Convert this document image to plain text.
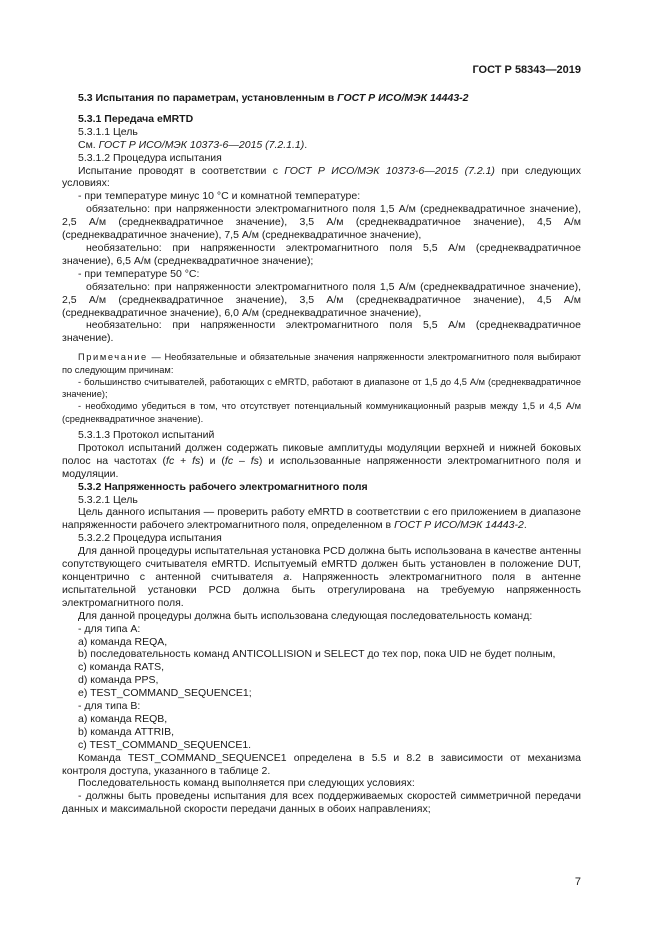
ГОСТ Р 58343—2019

5.3 Испытания по параметрам, установленным в ГОСТ Р ИСО/МЭК 14443-2

5.3.1 Передача eMRTD

5.3.1.1 Цель

См. ГОСТ Р ИСО/МЭК 10373-6—2015 (7.2.1.1).

5.3.1.2 Процедура испытания

Испытание проводят в соответствии с ГОСТ Р ИСО/МЭК 10373-6—2015 (7.2.1) при следующих условиях:

- при температуре минус 10 °С и комнатной температуре:

обязательно: при напряженности электромагнитного поля 1,5 А/м (среднеквадратичное значение), 2,5 А/м (среднеквадратичное значение), 3,5 А/м (среднеквадратичное значение), 4,5 А/м (среднеквадратичное значение), 7,5 А/м (среднеквадратичное значение),

необязательно: при напряженности электромагнитного поля 5,5 А/м (среднеквадратичное значение), 6,5 А/м (среднеквадратичное значение);

- при температуре 50 °С:

обязательно: при напряженности электромагнитного поля 1,5 А/м (среднеквадратичное значение), 2,5 А/м (среднеквадратичное значение), 3,5 А/м (среднеквадратичное значение), 4,5 А/м (среднеквадратичное значение), 6,0 А/м (среднеквадратичное значение),

необязательно: при напряженности электромагнитного поля 5,5 А/м (среднеквадратичное значение).

Примечание — Необязательные и обязательные значения напряженности электромагнитного поля выбирают по следующим причинам:

- большинство считывателей, работающих с eMRTD, работают в диапазоне от 1,5 до 4,5 А/м (среднеквадратичное значение);

- необходимо убедиться в том, что отсутствует потенциальный коммуникационный разрыв между 1,5 и 4,5 А/м (среднеквадратичное значение).

5.3.1.3 Протокол испытаний

Протокол испытаний должен содержать пиковые амплитуды модуляции верхней и нижней боковых полос на частотах (fc + fs) и (fc – fs) и использованные напряженности электромагнитного поля и модуляции.

5.3.2 Напряженность рабочего электромагнитного поля

5.3.2.1 Цель

Цель данного испытания — проверить работу eMRTD в соответствии с его приложением в диапазоне напряженности рабочего электромагнитного поля, определенном в ГОСТ Р ИСО/МЭК 14443-2.

5.3.2.2 Процедура испытания

Для данной процедуры испытательная установка PCD должна быть использована в качестве антенны сопутствующего считывателя eMRTD. Испытуемый eMRTD должен быть установлен в положение DUT, концентрично с антенной считывателя a. Напряженность электромагнитного поля в антенне испытательной установки PCD должна быть отрегулирована на требуемую напряженность электромагнитного поля.

Для данной процедуры должна быть использована следующая последовательность команд:

- для типа А:

а) команда REQA,

b) последовательность команд ANTICOLLISION и SELECT до тех пор, пока UID не будет полным,

c) команда RATS,

d) команда PPS,

e) TEST_COMMAND_SEQUENCE1;

- для типа В:

а) команда REQB,

b) команда ATTRIB,

c) TEST_COMMAND_SEQUENCE1.

Команда TEST_COMMAND_SEQUENCE1 определена в 5.5 и 8.2 в зависимости от механизма контроля доступа, указанного в таблице 2.

Последовательность команд выполняется при следующих условиях:

- должны быть проведены испытания для всех поддерживаемых скоростей симметричной передачи данных и максимальной скорости передачи данных в обоих направлениях;

7
